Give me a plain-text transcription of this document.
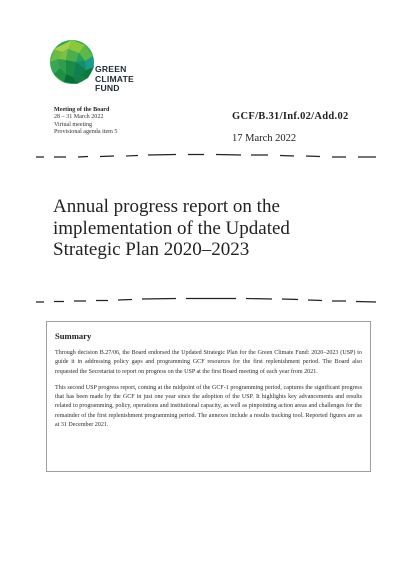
GREEN
CLIMATE
FUND
Meeting of the Board
28 – 31 March 2022
Virtual meeting
Provisional agenda item 5
GCF/B.31/Inf.02/Add.02
17 March 2022
Annual progress report on the
implementation of the Updated
Strategic Plan 2020–2023
Summary

Through decision B.27/06, the Board endorsed the Updated Strategic Plan for the Green Climate Fund: 2020–2023 (USP) to guide it in addressing policy gaps and programming GCF resources for the first replenishment period. The Board also requested the Secretariat to report on progress on the USP at the first Board meeting of each year from 2021.

This second USP progress report, coming at the midpoint of the GCF-1 programming period, captures the significant progress that has been made by the GCF in just one year since the adoption of the USP. It highlights key advancements and results related to programming, policy, operations and institutional capacity, as well as pinpointing action areas and challenges for the remainder of the first replenishment programming period. The annexes include a results tracking tool. Reported figures are as at 31 December 2021.
